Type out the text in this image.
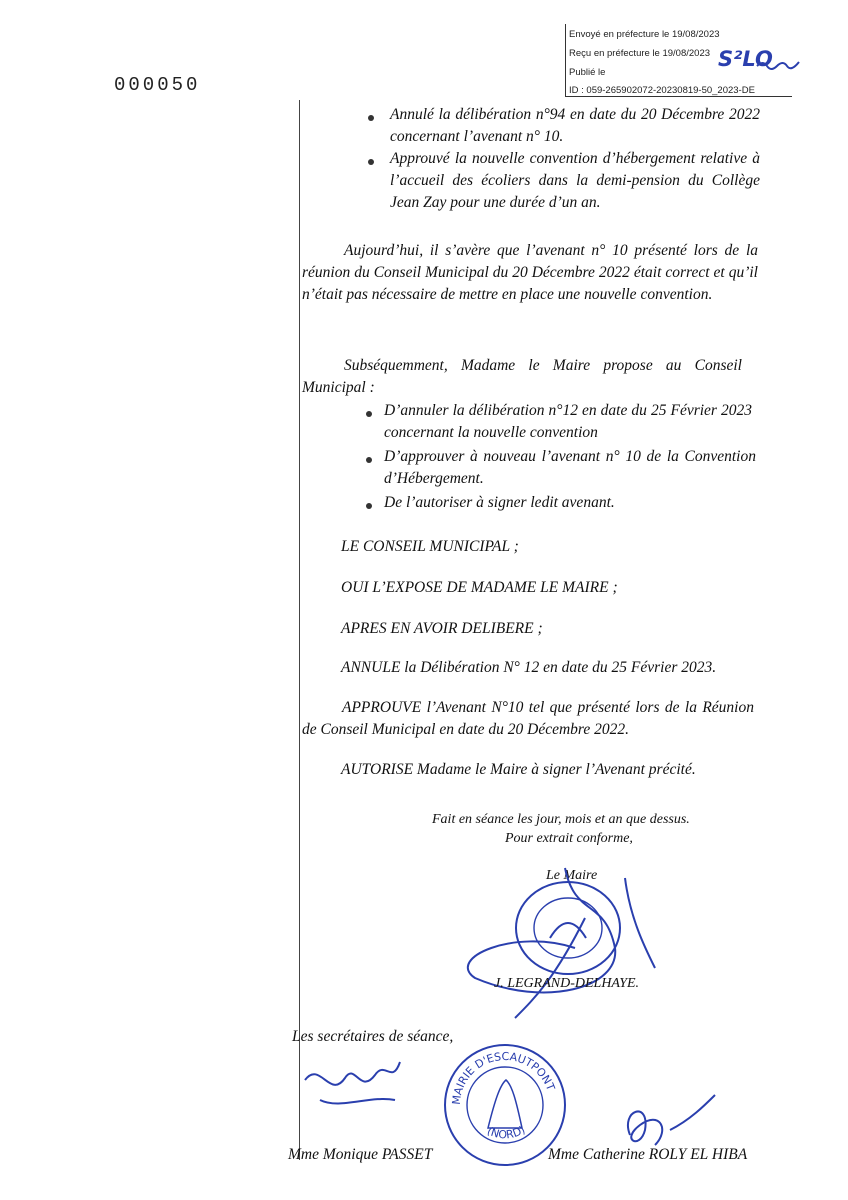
Envoyé en préfecture le 19/08/2023
Reçu en préfecture le 19/08/2023
Publié le
ID : 059-265902072-20230819-50_2023-DE
S²LO
000050
Annulé la délibération n°94 en date du 20 Décembre 2022 concernant l’avenant n° 10.
Approuvé la nouvelle convention d’hébergement relative à l’accueil des écoliers dans la demi-pension du Collège Jean Zay pour une durée d’un an.
Aujourd’hui, il s’avère que l’avenant n° 10 présenté lors de la réunion du Conseil Municipal du 20 Décembre 2022 était correct et qu’il n’était pas nécessaire de mettre en place une nouvelle convention.
Subséquemment, Madame le Maire propose au Conseil Municipal :
D’annuler la délibération n°12 en date du 25 Février 2023 concernant la nouvelle convention
D’approuver à nouveau l’avenant n° 10 de la Convention d’Hébergement.
De l’autoriser à signer ledit avenant.
LE CONSEIL MUNICIPAL ;
OUI L’EXPOSE DE MADAME LE MAIRE ;
APRES EN AVOIR DELIBERE ;
ANNULE la Délibération N° 12 en date du 25 Février 2023.
APPROUVE l’Avenant N°10 tel que présenté lors de la Réunion de Conseil Municipal en date du 20 Décembre 2022.
AUTORISE Madame le Maire à signer l’Avenant précité.
Fait en séance les jour, mois et an que dessus.
Pour extrait conforme,
Le Maire
J. LEGRAND-DELHAYE.
Les secrétaires de séance,
MAIRIE D'ESCAUTPONT
(NORD)
Mme Monique PASSET	Mme Catherine ROLY EL HIBA
